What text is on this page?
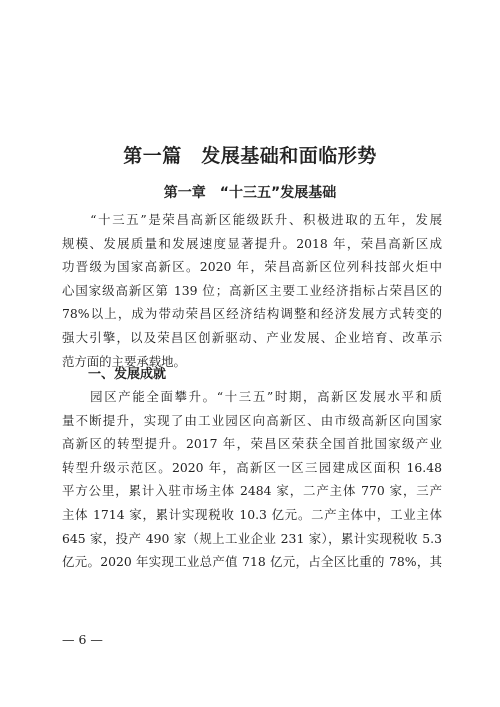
第一篇　发展基础和面临形势
第一章　“十三五”发展基础
　　“十三五”是荣昌高新区能级跃升、积极进取的五年，发展
规模、发展质量和发展速度显著提升。2018 年，荣昌高新区成
功晋级为国家高新区。2020 年，荣昌高新区位列科技部火炬中
心国家级高新区第 139 位；高新区主要工业经济指标占荣昌区的
78%以上，成为带动荣昌区经济结构调整和经济发展方式转变的
强大引擎，以及荣昌区创新驱动、产业发展、企业培育、改革示
范方面的主要承载地。
一、发展成就
　　园区产能全面攀升。“十三五”时期，高新区发展水平和质
量不断提升，实现了由工业园区向高新区、由市级高新区向国家
高新区的转型提升。2017 年，荣昌区荣获全国首批国家级产业
转型升级示范区。2020 年，高新区一区三园建成区面积 16.48
平方公里，累计入驻市场主体 2484 家，二产主体 770 家，三产
主体 1714 家，累计实现税收 10.3 亿元。二产主体中，工业主体
645 家，投产 490 家（规上工业企业 231 家），累计实现税收 5.3
亿元。2020 年实现工业总产值 718 亿元，占全区比重的 78%，其
— 6 —
